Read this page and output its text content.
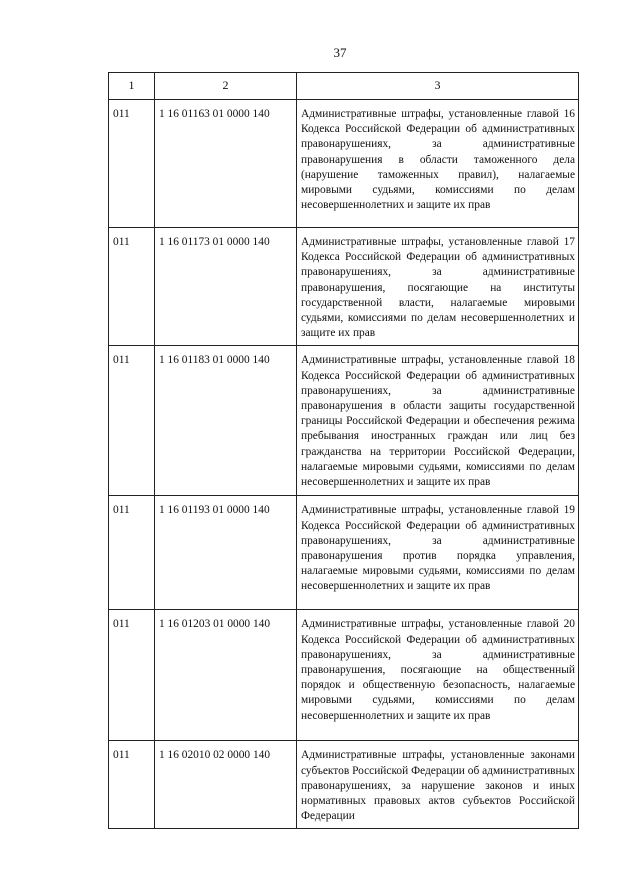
37
1	2	3
011	1 16 01163 01 0000 140	Административные штрафы, установленные главой 16 Кодекса Российской Федерации об административных правонарушениях, за административные правонарушения в области таможенного дела (нарушение таможенных правил), налагаемые мировыми судьями, комиссиями по делам несовершеннолетних и защите их прав
011	1 16 01173 01 0000 140	Административные штрафы, установленные главой 17 Кодекса Российской Федерации об административных правонарушениях, за административные правонарушения, посягающие на институты государственной власти, налагаемые мировыми судьями, комиссиями по делам несовершеннолетних и защите их прав
011	1 16 01183 01 0000 140	Административные штрафы, установленные главой 18 Кодекса Российской Федерации об административных правонарушениях, за административные правонарушения в области защиты государственной границы Российской Федерации и обеспечения режима пребывания иностранных граждан или лиц без гражданства на территории Российской Федерации, налагаемые мировыми судьями, комиссиями по делам несовершеннолетних и защите их прав
011	1 16 01193 01 0000 140	Административные штрафы, установленные главой 19 Кодекса Российской Федерации об административных правонарушениях, за административные правонарушения против порядка управления, налагаемые мировыми судьями, комиссиями по делам несовершеннолетних и защите их прав
011	1 16 01203 01 0000 140	Административные штрафы, установленные главой 20 Кодекса Российской Федерации об административных правонарушениях, за административные правонарушения, посягающие на общественный порядок и общественную безопасность, налагаемые мировыми судьями, комиссиями по делам несовершеннолетних и защите их прав
011	1 16 02010 02 0000 140	Административные штрафы, установленные законами субъектов Российской Федерации об административных правонарушениях, за нарушение законов и иных нормативных правовых актов субъектов Российской Федерации
